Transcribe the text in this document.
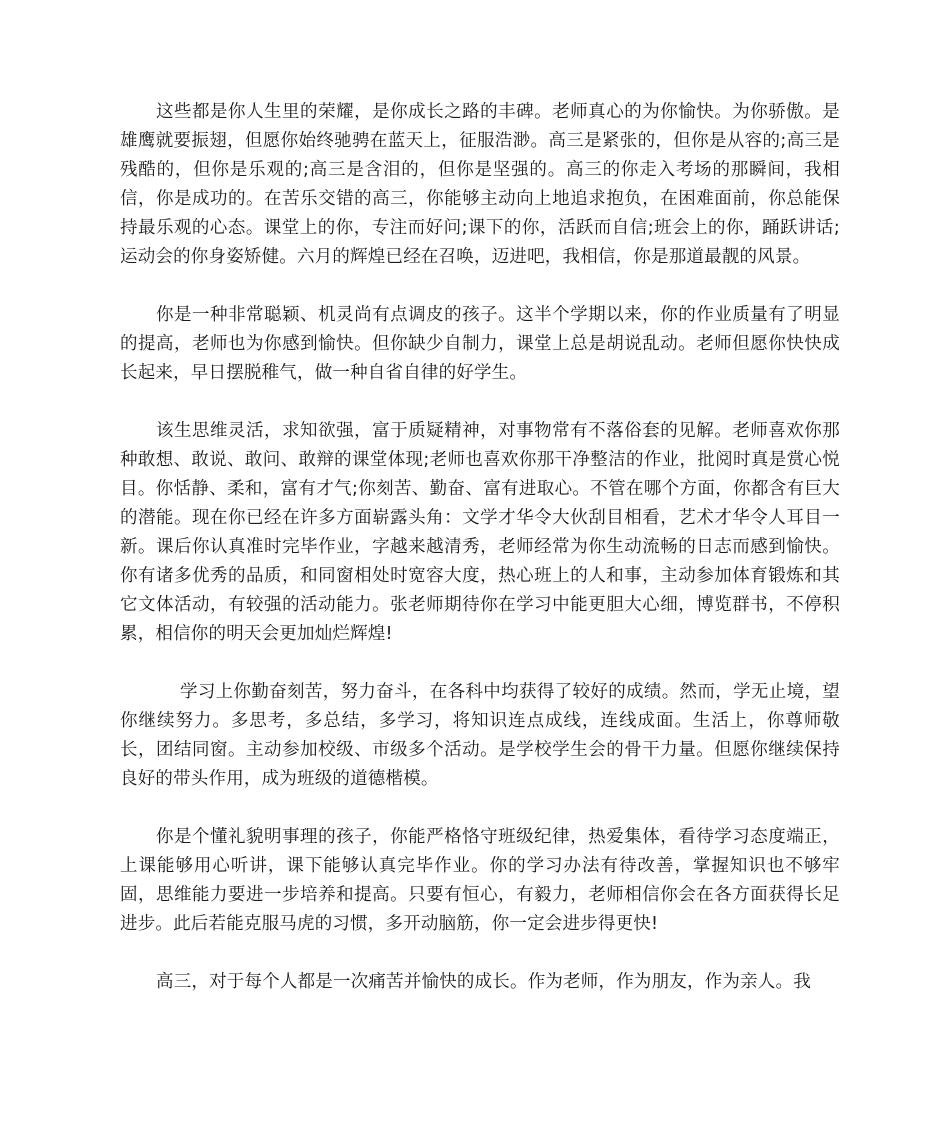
这些都是你人生里的荣耀，是你成长之路的丰碑。老师真心的为你愉快。为你骄傲。是雄鹰就要振翅，但愿你始终驰骋在蓝天上，征服浩渺。高三是紧张的，但你是从容的;高三是残酷的，但你是乐观的;高三是含泪的，但你是坚强的。高三的你走入考场的那瞬间，我相信，你是成功的。在苦乐交错的高三，你能够主动向上地追求抱负，在困难面前，你总能保持最乐观的心态。课堂上的你，专注而好问;课下的你，活跃而自信;班会上的你，踊跃讲话;运动会的你身姿矫健。六月的辉煌已经在召唤，迈进吧，我相信，你是那道最靓的风景。

你是一种非常聪颖、机灵尚有点调皮的孩子。这半个学期以来，你的作业质量有了明显的提高，老师也为你感到愉快。但你缺少自制力，课堂上总是胡说乱动。老师但愿你快快成长起来，早日摆脱稚气，做一种自省自律的好学生。

该生思维灵活，求知欲强，富于质疑精神，对事物常有不落俗套的见解。老师喜欢你那种敢想、敢说、敢问、敢辩的课堂体现;老师也喜欢你那干净整洁的作业，批阅时真是赏心悦目。你恬静、柔和，富有才气;你刻苦、勤奋、富有进取心。不管在哪个方面，你都含有巨大的潜能。现在你已经在许多方面崭露头角：文学才华令大伙刮目相看，艺术才华令人耳目一新。课后你认真准时完毕作业，字越来越清秀，老师经常为你生动流畅的日志而感到愉快。你有诸多优秀的品质，和同窗相处时宽容大度，热心班上的人和事，主动参加体育锻炼和其它文体活动，有较强的活动能力。张老师期待你在学习中能更胆大心细，博览群书，不停积累，相信你的明天会更加灿烂辉煌!

学习上你勤奋刻苦，努力奋斗，在各科中均获得了较好的成绩。然而，学无止境，望你继续努力。多思考，多总结，多学习，将知识连点成线，连线成面。生活上，你尊师敬长，团结同窗。主动参加校级、市级多个活动。是学校学生会的骨干力量。但愿你继续保持良好的带头作用，成为班级的道德楷模。

你是个懂礼貌明事理的孩子，你能严格恪守班级纪律，热爱集体，看待学习态度端正，上课能够用心听讲，课下能够认真完毕作业。你的学习办法有待改善，掌握知识也不够牢固，思维能力要进一步培养和提高。只要有恒心，有毅力，老师相信你会在各方面获得长足进步。此后若能克服马虎的习惯，多开动脑筋，你一定会进步得更快!

高三，对于每个人都是一次痛苦并愉快的成长。作为老师，作为朋友，作为亲人。我
